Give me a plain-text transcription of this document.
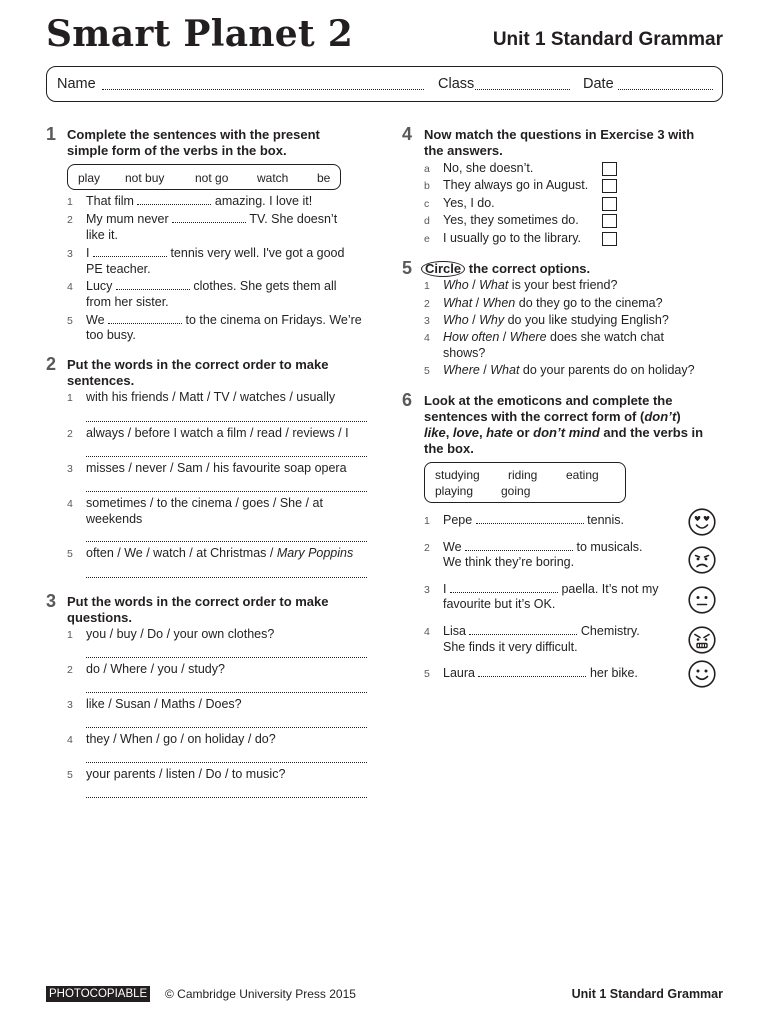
Smart Planet 2	Unit 1 Standard Grammar
Name	Class	Date
1 Complete the sentences with the present
simple form of the verbs in the box.
play not buy	not go watch be
1 That film	amazing. I love it!
2 My mum never	TV. She doesn’t
like it.
3 I	tennis very well. I've got a good
PE teacher.
4 Lucy	clothes. She gets them all
from her sister.
5 We	to the cinema on Fridays. We’re
too busy.
2 Put the words in the correct order to make
sentences.
1 with his friends / Matt / TV / watches / usually
2 always / before I watch a film / read / reviews / I
3 misses / never / Sam / his favourite soap opera
4 sometimes / to the cinema / goes / She / at
weekends
5 often / We / watch / at Christmas / Mary Poppins
3 Put the words in the correct order to make
questions.
1 you / buy / Do / your own clothes?
2 do / Where / you / study?
3 like / Susan / Maths / Does?
4 they / When / go / on holiday / do?
5 your parents / listen / Do / to music?
4 Now match the questions in Exercise 3 with
the answers.
a No, she doesn’t.
b They always go in August.
c Yes, I do.
d Yes, they sometimes do.
e I usually go to the library.
5 Circle the correct options.
1 Who / What is your best friend?
2 What / When do they go to the cinema?
3 Who / Why do you like studying English?
4 How often / Where does she watch chat
shows?
5 Where / What do your parents do on holiday?
6 Look at the emoticons and complete the
sentences with the correct form of (don’t)
like, love, hate or don’t mind and the verbs in
the box.
studying riding eating
playing going
1 Pepe	tennis.
2 We	to musicals.
We think they’re boring.
3 I	paella. It’s not my
favourite but it’s OK.
4 Lisa	Chemistry.
She finds it very difficult.
5 Laura	her bike.
PHOTOCOPIABLE © Cambridge University Press 2015	Unit 1 Standard Grammar
